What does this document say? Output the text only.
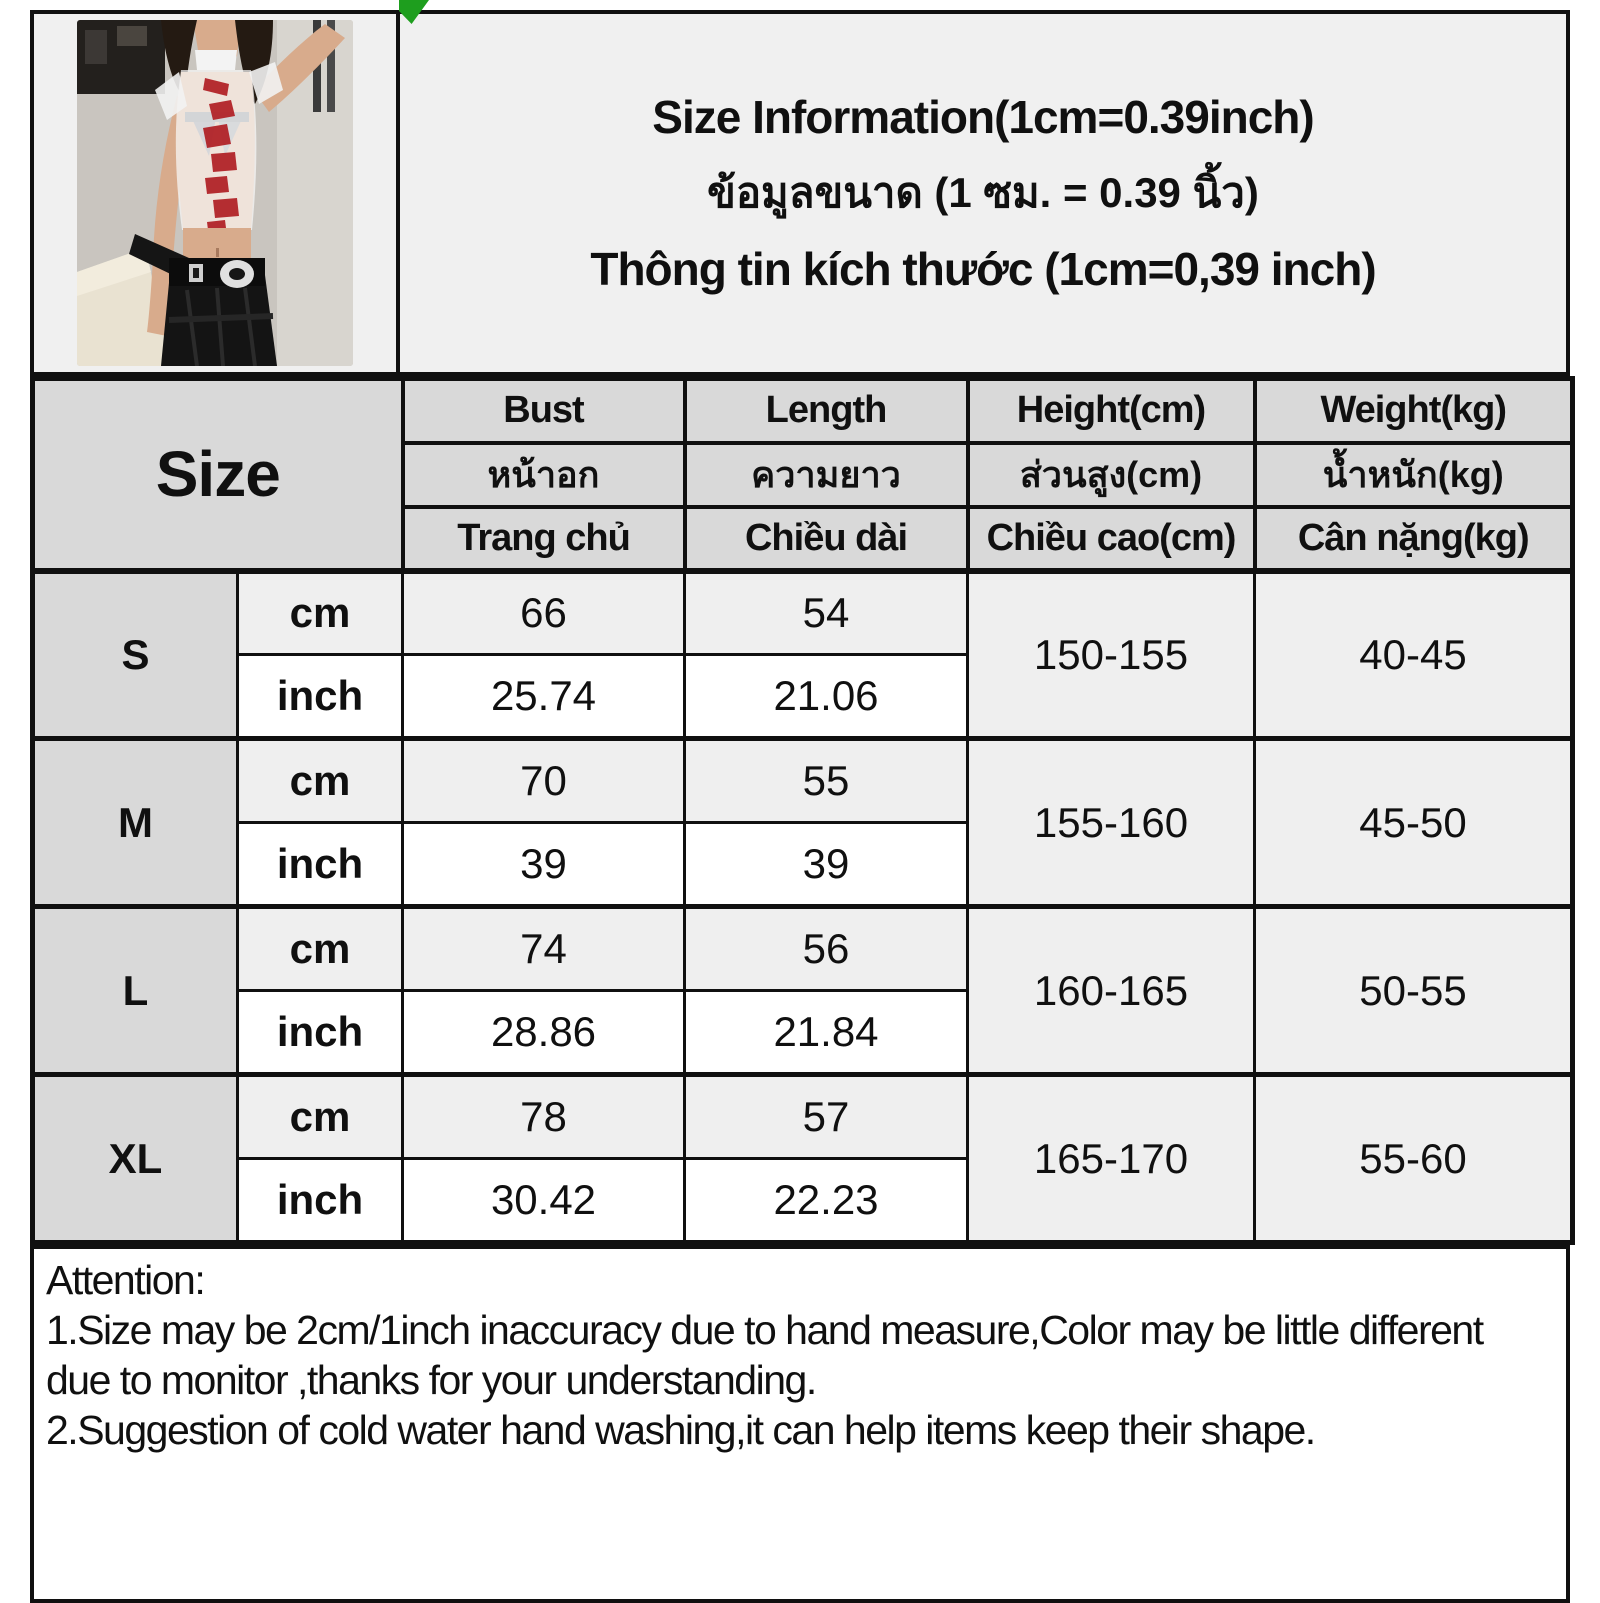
Size Information(1cm=0.39inch)
ข้อมูลขนาด (1 ซม. = 0.39 นิ้ว)
Thông tin kích thước (1cm=0,39 inch)
Size		Bust	Length	Height(cm)	Weight(kg)
		หน้าอก	ความยาว	ส่วนสูง(cm)	น้ำหนัก(kg)
		Trang chủ	Chiều dài	Chiều cao(cm)	Cân nặng(kg)
S	cm	66	54	150-155	40-45
	inch	25.74	21.06		
M	cm	70	55	155-160	45-50
	inch	39	39		
L	cm	74	56	160-165	50-55
	inch	28.86	21.84		
XL	cm	78	57	165-170	55-60
	inch	30.42	22.23		

Attention:

1.Size may be 2cm/1inch inaccuracy due to hand measure,Color may be little different due to monitor ,thanks for your understanding.

2.Suggestion of cold water hand washing,it can help items keep their shape.
